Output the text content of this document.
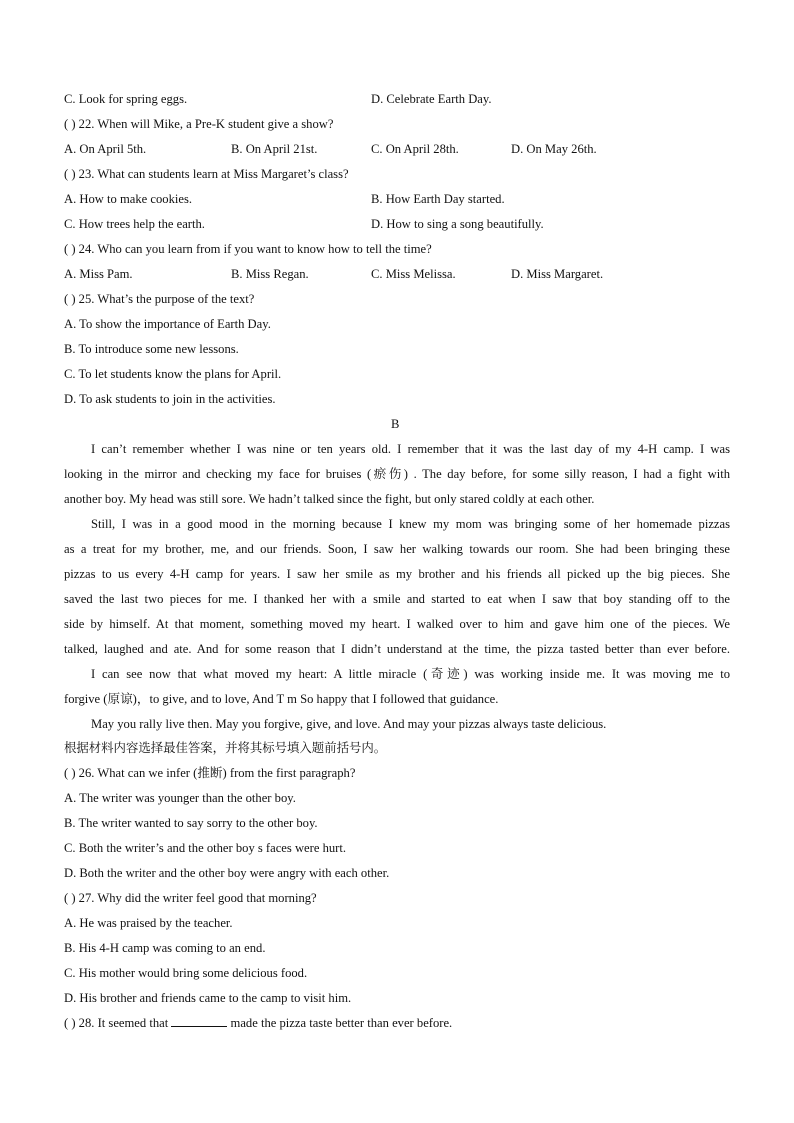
C. Look for spring eggs.	D. Celebrate Earth Day.
( ) 22. When will Mike, a Pre-K student give a show?
A. On April 5th.	B. On April 21st.	C. On April 28th.	D. On May 26th.
( ) 23. What can students learn at Miss Margaret’s class?
A. How to make cookies.	B. How Earth Day started.
C. How trees help the earth.	D. How to sing a song beautifully.
( ) 24. Who can you learn from if you want to know how to tell the time?
A. Miss Pam.	B. Miss Regan.	C. Miss Melissa.	D. Miss Margaret.
( ) 25. What’s the purpose of the text?
A. To show the importance of Earth Day.
B. To introduce some new lessons.
C. To let students know the plans for April.
D. To ask students to join in the activities.
B
I can’t remember whether I was nine or ten years old. I remember that it was the last day of my 4-H camp. I was
looking in the mirror and checking my face for bruises (瘀伤) . The day before, for some silly reason, I had a fight with
another boy. My head was still sore. We hadn’t talked since the fight, but only stared coldly at each other.
Still, I was in a good mood in the morning because I knew my mom was bringing some of her homemade pizzas
as a treat for my brother, me, and our friends. Soon, I saw her walking towards our room. She had been bringing these
pizzas to us every 4-H camp for years. I saw her smile as my brother and his friends all picked up the big pieces. She
saved the last two pieces for me. I thanked her with a smile and started to eat when I saw that boy standing off to the
side by himself. At that moment, something moved my heart. I walked over to him and gave him one of the pieces. We
talked, laughed and ate. And for some reason that I didn’t understand at the time, the pizza tasted better than ever before.
I can see now that what moved my heart: A little miracle (奇迹) was working inside me. It was moving me to
forgive (原谅)，to give, and to love, And T m So happy that I followed that guidance.
May you rally live then. May you forgive, give, and love. And may your pizzas always taste delicious.
根据材料内容选择最佳答案，并将其标号填入题前括号内。
( ) 26. What can we infer (推断) from the first paragraph?
A. The writer was younger than the other boy.
B. The writer wanted to say sorry to the other boy.
C. Both the writer’s and the other boy s faces were hurt.
D. Both the writer and the other boy were angry with each other.
( ) 27. Why did the writer feel good that morning?
A. He was praised by the teacher.
B. His 4-H camp was coming to an end.
C. His mother would bring some delicious food.
D. His brother and friends came to the camp to visit him.
( ) 28. It seemed that	made the pizza taste better than ever before.
